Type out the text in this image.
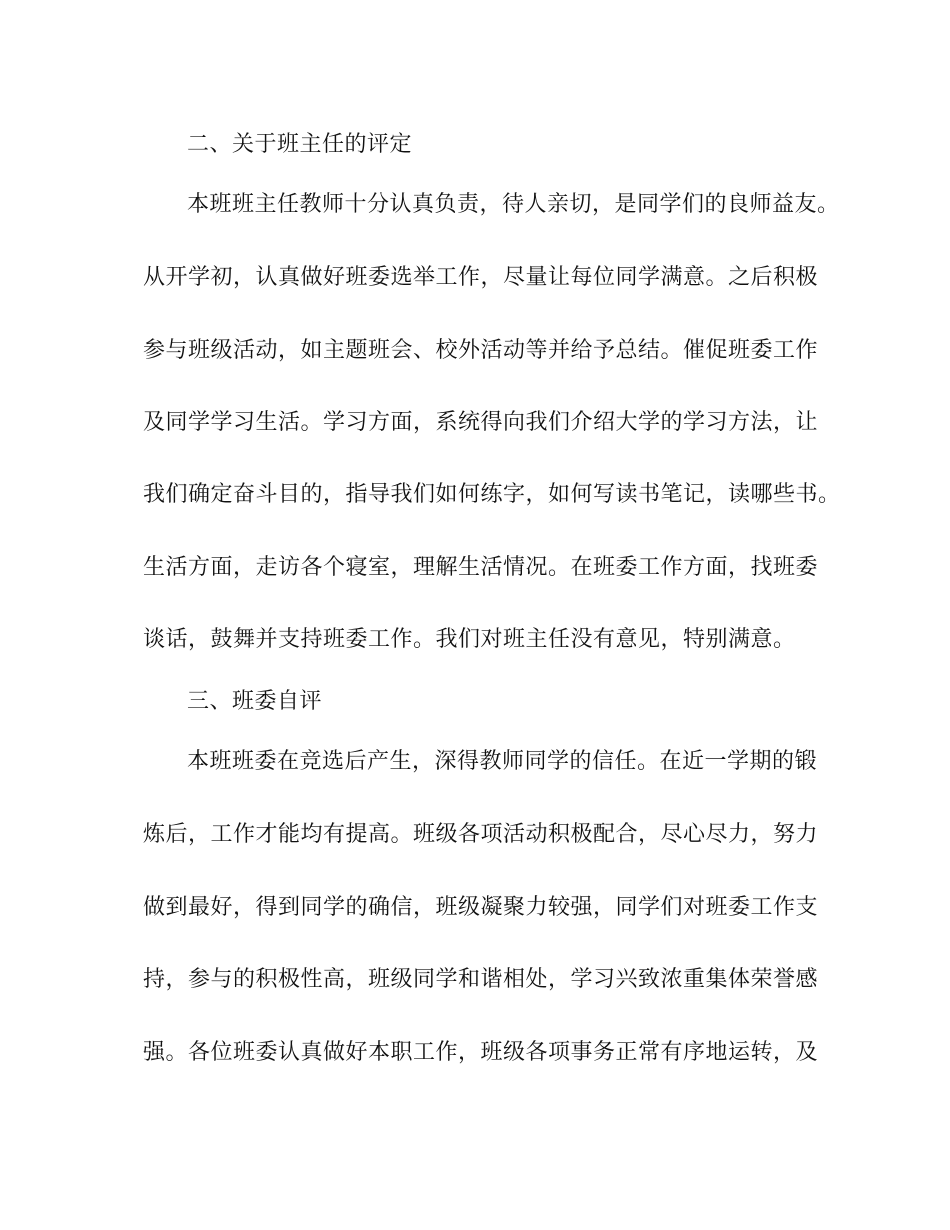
二、关于班主任的评定
本班班主任教师十分认真负责，待人亲切，是同学们的良师益友。
从开学初，认真做好班委选举工作，尽量让每位同学满意。之后积极
参与班级活动，如主题班会、校外活动等并给予总结。催促班委工作
及同学学习生活。学习方面，系统得向我们介绍大学的学习方法，让
我们确定奋斗目的，指导我们如何练字，如何写读书笔记，读哪些书。
生活方面，走访各个寝室，理解生活情况。在班委工作方面，找班委
谈话，鼓舞并支持班委工作。我们对班主任没有意见，特别满意。
三、班委自评
本班班委在竞选后产生，深得教师同学的信任。在近一学期的锻
炼后，工作才能均有提高。班级各项活动积极配合，尽心尽力，努力
做到最好，得到同学的确信，班级凝聚力较强，同学们对班委工作支
持，参与的积极性高，班级同学和谐相处，学习兴致浓重集体荣誉感
强。各位班委认真做好本职工作，班级各项事务正常有序地运转，及
